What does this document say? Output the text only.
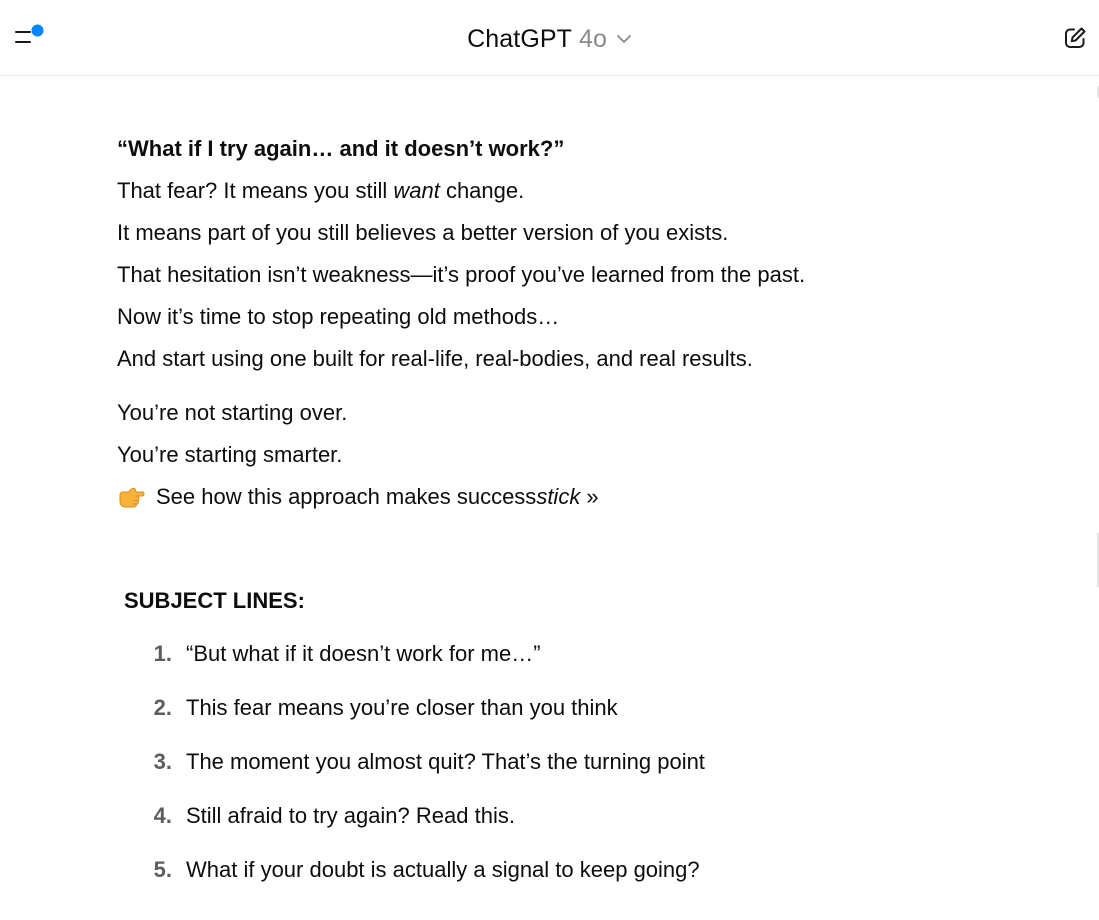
ChatGPT 4o

“What if I try again… and it doesn’t work?”

That fear? It means you still want change.

It means part of you still believes a better version of you exists.

That hesitation isn’t weakness—it’s proof you’ve learned from the past.

Now it’s time to stop repeating old methods…

And start using one built for real-life, real-bodies, and real results.

You’re not starting over.

You’re starting smarter.

See how this approach makes success stick »

SUBJECT LINES:
1. “But what if it doesn’t work for me…”
2. This fear means you’re closer than you think
3. The moment you almost quit? That’s the turning point
4. Still afraid to try again? Read this.
5. What if your doubt is actually a signal to keep going?
